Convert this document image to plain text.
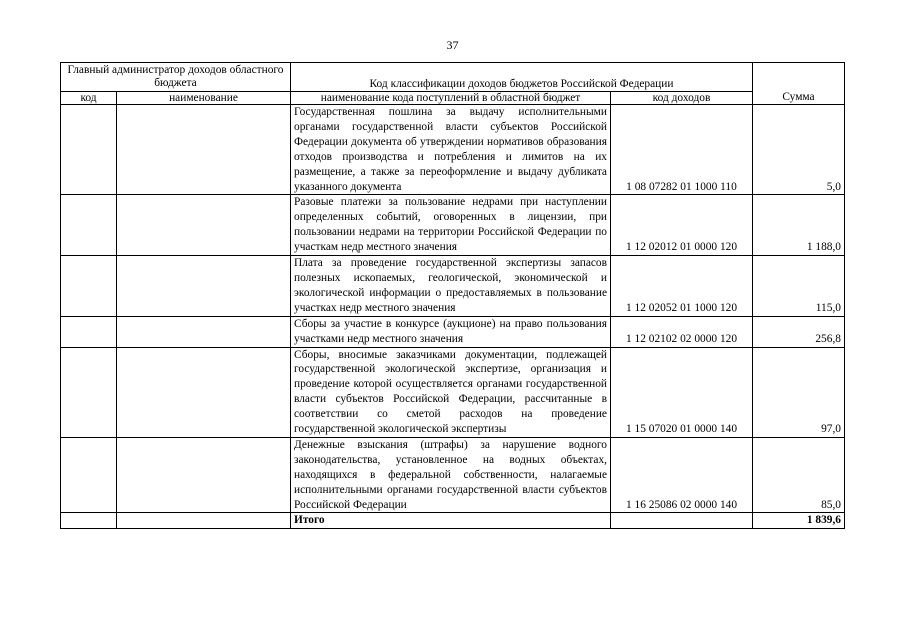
37
Главный администратор доходов областного бюджета		Код классификации доходов бюджетов Российской Федерации		Сумма
код	наименование	наименование кода поступлений в областной бюджет	код доходов	
		Государственная пошлина за выдачу исполнительными органами государственной власти субъектов Российской Федерации документа об утверждении нормативов образования отходов производства и потребления и лимитов на их размещение, а также за переоформление и выдачу дубликата указанного документа	1 08 07282 01 1000 110	5,0
		Разовые платежи за пользование недрами при наступлении определенных событий, оговоренных в лицензии, при пользовании недрами на территории Российской Федерации по участкам недр местного значения	1 12 02012 01 0000 120	1 188,0
		Плата за проведение государственной экспертизы запасов полезных ископаемых, геологической, экономической и экологической информации о предоставляемых в пользование участках недр местного значения	1 12 02052 01 1000 120	115,0
		Сборы за участие в конкурсе (аукционе) на право пользования участками недр местного значения	1 12 02102 02 0000 120	256,8
		Сборы, вносимые заказчиками документации, подлежащей государственной экологической экспертизе, организация и проведение которой осуществляется органами государственной власти субъектов Российской Федерации, рассчитанные в соответствии со сметой расходов на проведение государственной экологической экспертизы	1 15 07020 01 0000 140	97,0
		Денежные взыскания (штрафы) за нарушение водного законодательства, установленное на водных объектах, находящихся в федеральной собственности, налагаемые исполнительными органами государственной власти субъектов Российской Федерации	1 16 25086 02 0000 140	85,0
		Итого		1 839,6
